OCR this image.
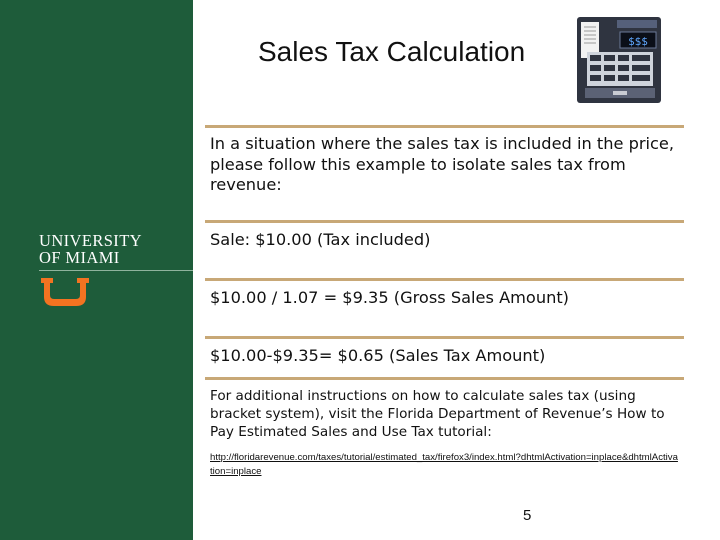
UNIVERSITY
OF MIAMI
Sales Tax Calculation	$$$
In a situation where the sales tax is included in the price, please follow this example to isolate sales tax from revenue:
Sale: $10.00 (Tax included)
$10.00 / 1.07 = $9.35 (Gross Sales Amount)
$10.00-$9.35= $0.65 (Sales Tax Amount)
For additional instructions on how to calculate sales tax (using bracket system), visit the Florida Department of Revenue’s How to Pay Estimated Sales and Use Tax tutorial:
http://floridarevenue.com/taxes/tutorial/estimated_tax/firefox3/index.html?dhtmlActivation=inplace&dhtmlActivation=inplace
5
